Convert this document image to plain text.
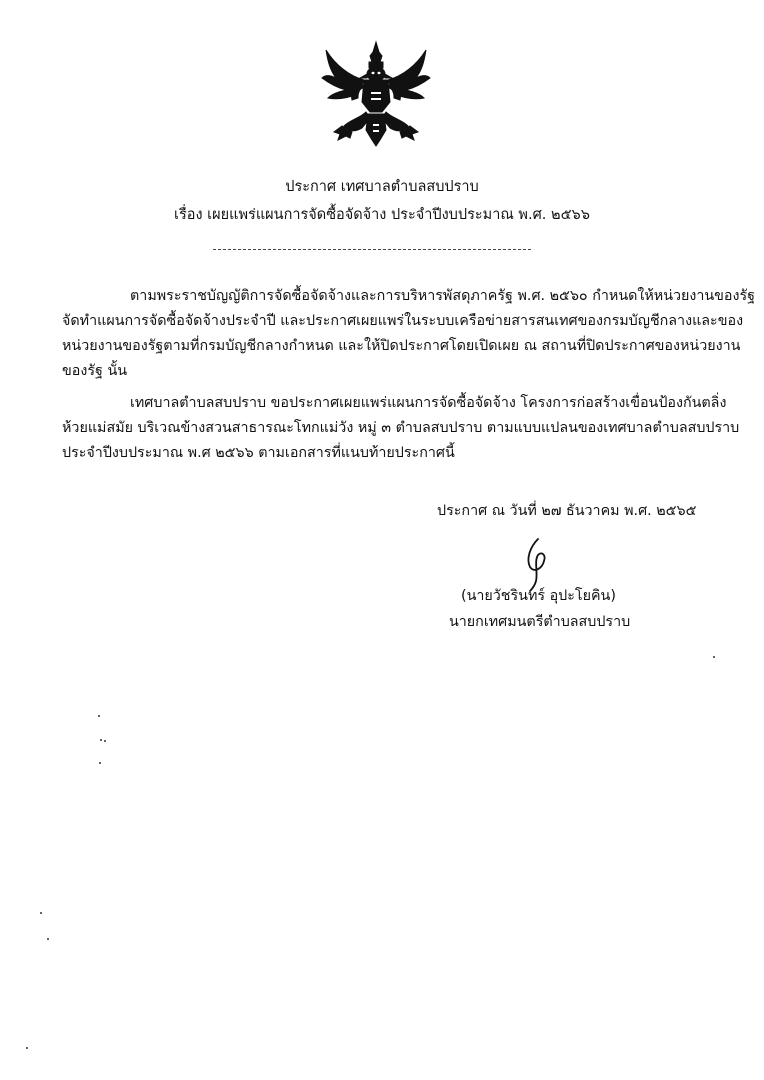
ประกาศ เทศบาลตำบลสบปราบ
เรื่อง เผยแพร่แผนการจัดซื้อจัดจ้าง ประจำปีงบประมาณ พ.ศ. ๒๕๖๖
ตามพระราชบัญญัติการจัดซื้อจัดจ้างและการบริหารพัสดุภาครัฐ พ.ศ. ๒๕๖๐ กำหนดให้หน่วยงานของรัฐ
จัดทำแผนการจัดซื้อจัดจ้างประจำปี และประกาศเผยแพร่ในระบบเครือข่ายสารสนเทศของกรมบัญชีกลางและของ
หน่วยงานของรัฐตามที่กรมบัญชีกลางกำหนด และให้ปิดประกาศโดยเปิดเผย ณ สถานที่ปิดประกาศของหน่วยงาน
ของรัฐ นั้น
เทศบาลตำบลสบปราบ ขอประกาศเผยแพร่แผนการจัดซื้อจัดจ้าง โครงการก่อสร้างเขื่อนป้องกันตลิ่ง
ห้วยแม่สมัย บริเวณข้างสวนสาธารณะโทกแม่วัง หมู่ ๓ ตำบลสบปราบ ตามแบบแปลนของเทศบาลตำบลสบปราบ
ประจำปีงบประมาณ พ.ศ ๒๕๖๖ ตามเอกสารที่แนบท้ายประกาศนี้
ประกาศ ณ วันที่ ๒๗ ธันวาคม พ.ศ. ๒๕๖๕
(นายวัชรินทร์ อุปะโยคิน)
นายกเทศมนตรีตำบลสบปราบ
